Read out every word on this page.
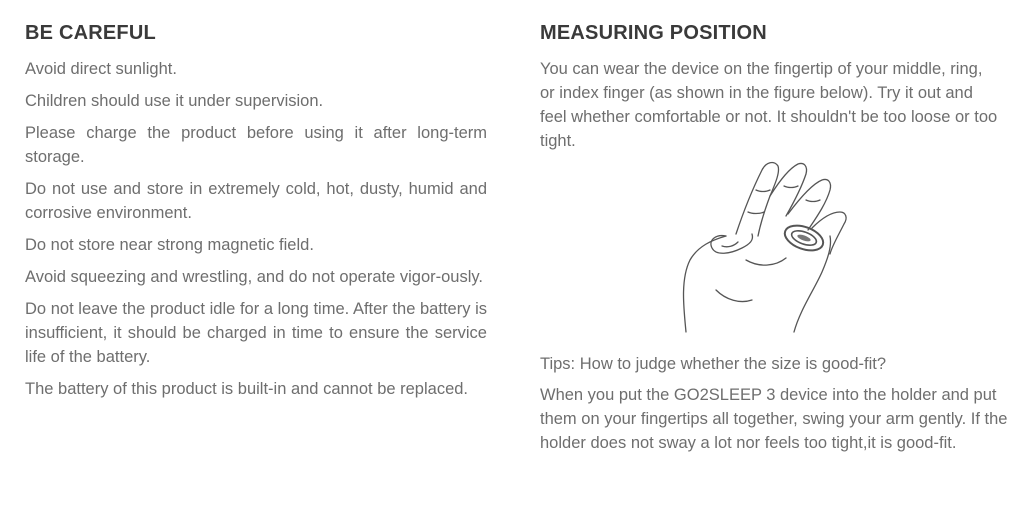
BE CAREFUL

Avoid direct sunlight.

Children should use it under supervision.

Please charge the product before using it after long-term storage.

Do not use and store in extremely cold, hot, dusty, humid and corrosive environment.

Do not store near strong magnetic field.

Avoid squeezing and wrestling, and do not operate vigor-ously.

Do not leave the product idle for a long time. After the battery is insufficient, it should be charged in time to ensure the service life of the battery.

The battery of this product is built-in and cannot be replaced.

MEASURING POSITION

You can wear the device on the fingertip of your middle, ring, or index finger (as shown in the figure below). Try it out and feel whether comfortable or not. It shouldn't be too loose or too tight.

Tips: How to judge whether the size is good-fit?

When you put the GO2SLEEP 3 device into the holder and put them on your fingertips all together, swing your arm gently. If the holder does not sway a lot nor feels too tight,it is good-fit.
